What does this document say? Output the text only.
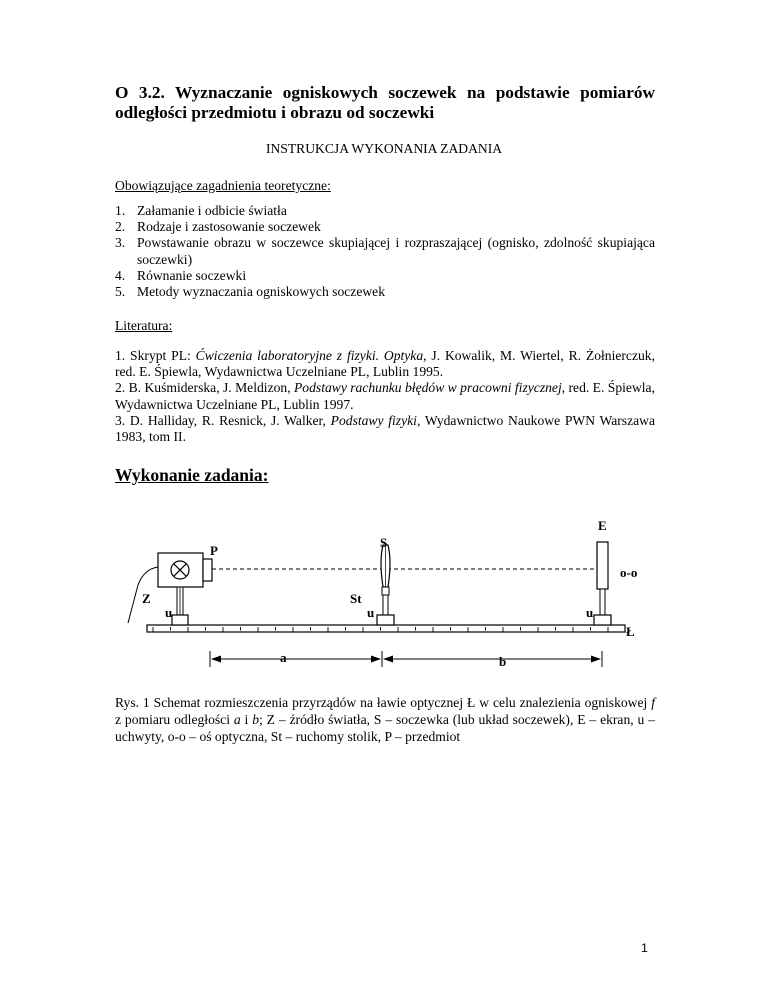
O 3.2. Wyznaczanie ogniskowych soczewek na podstawie pomiarów odległości przedmiotu i obrazu od soczewki
INSTRUKCJA WYKONANIA ZADANIA
Obowiązujące zagadnienia teoretyczne:
1. Załamanie i odbicie światła
2. Rodzaje i zastosowanie soczewek
3. Powstawanie obrazu w soczewce skupiającej i rozpraszającej (ognisko, zdolność skupiająca soczewki)
4. Równanie soczewki
5. Metody wyznaczania ogniskowych soczewek
Literatura:

1. Skrypt PL: Ćwiczenia laboratoryjne z fizyki. Optyka, J. Kowalik, M. Wiertel, R. Żołnierczuk, red. E. Śpiewla, Wydawnictwa Uczelniane PL, Lublin 1995.

2. B. Kuśmiderska, J. Meldizon, Podstawy rachunku błędów w pracowni fizycznej, red. E. Śpiewla, Wydawnictwa Uczelniane PL, Lublin 1997.

3. D. Halliday, R. Resnick, J. Walker, Podstawy fizyki, Wydawnictwo Naukowe PWN Warszawa 1983, tom II.

Wykonanie zadania:
P
S
E
o-o
Z	St
u	u	u
Ł
a	b
Rys. 1 Schemat rozmieszczenia przyrządów na ławie optycznej Ł w celu znalezienia ogniskowej f z pomiaru odległości a i b; Z – źródło światła, S – soczewka (lub układ soczewek), E – ekran, u – uchwyty, o-o – oś optyczna, St – ruchomy stolik, P – przedmiot
1
